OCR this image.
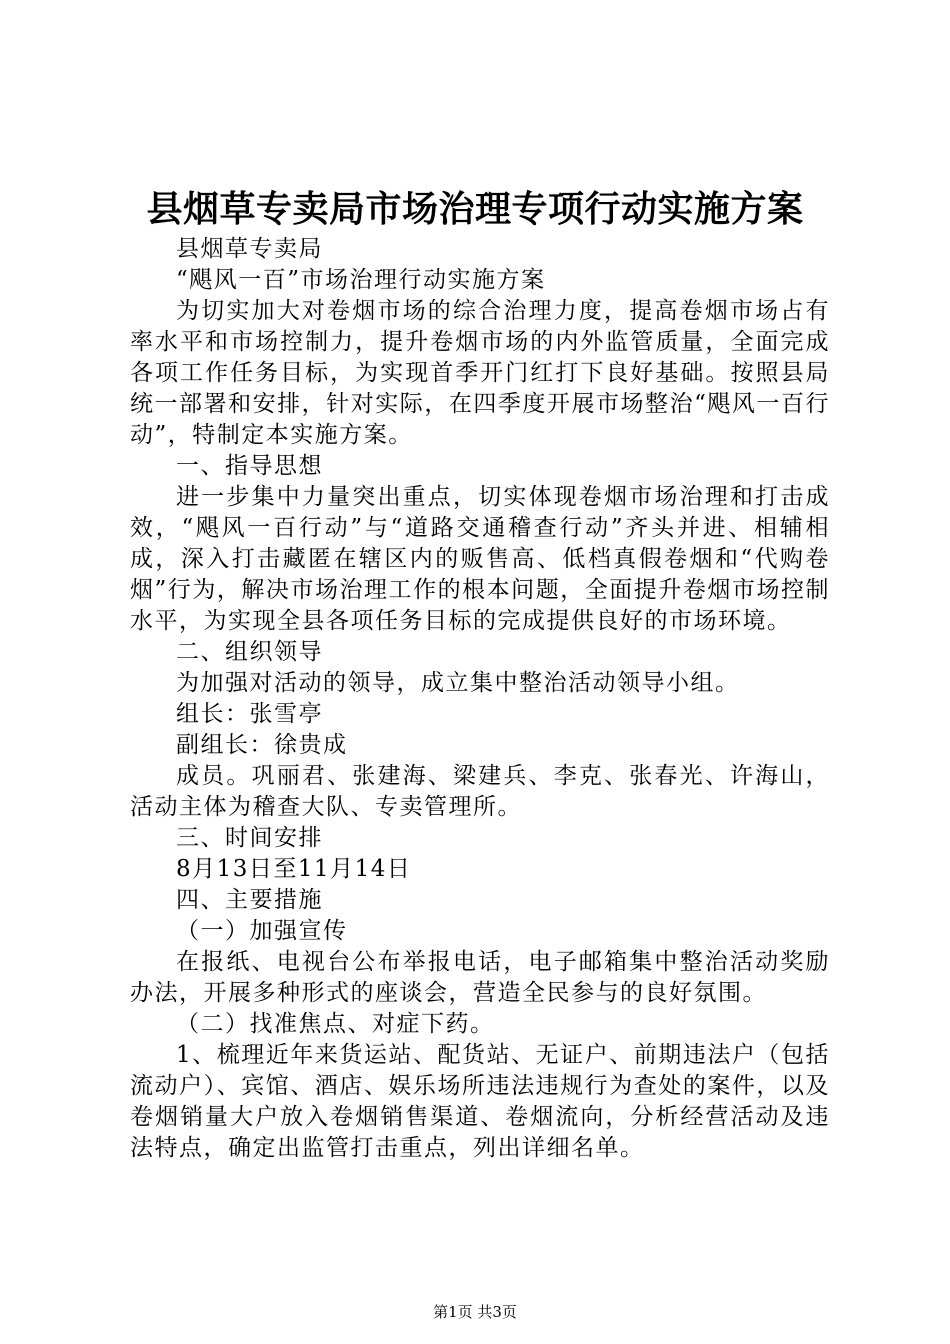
县烟草专卖局市场治理专项行动实施方案

县烟草专卖局

“飓风一百”市场治理行动实施方案

为切实加大对卷烟市场的综合治理力度，提高卷烟市场占有率水平和市场控制力，提升卷烟市场的内外监管质量，全面完成各项工作任务目标，为实现首季开门红打下良好基础。按照县局统一部署和安排，针对实际，在四季度开展市场整治“飓风一百行动”，特制定本实施方案。

一、指导思想

进一步集中力量突出重点，切实体现卷烟市场治理和打击成效，“飓风一百行动”与“道路交通稽查行动”齐头并进、相辅相成，深入打击藏匿在辖区内的贩售高、低档真假卷烟和“代购卷烟”行为，解决市场治理工作的根本问题，全面提升卷烟市场控制水平，为实现全县各项任务目标的完成提供良好的市场环境。

二、组织领导

为加强对活动的领导，成立集中整治活动领导小组。

组长：张雪亭

副组长：徐贵成

成员。巩丽君、张建海、梁建兵、李克、张春光、许海山，活动主体为稽查大队、专卖管理所。

三、时间安排

8月13日至11月14日

四、主要措施

（一）加强宣传

在报纸、电视台公布举报电话，电子邮箱集中整治活动奖励办法，开展多种形式的座谈会，营造全民参与的良好氛围。

（二）找准焦点、对症下药。

1、梳理近年来货运站、配货站、无证户、前期违法户（包括流动户）、宾馆、酒店、娱乐场所违法违规行为查处的案件，以及卷烟销量大户放入卷烟销售渠道、卷烟流向，分析经营活动及违法特点，确定出监管打击重点，列出详细名单。

第1页 共3页
